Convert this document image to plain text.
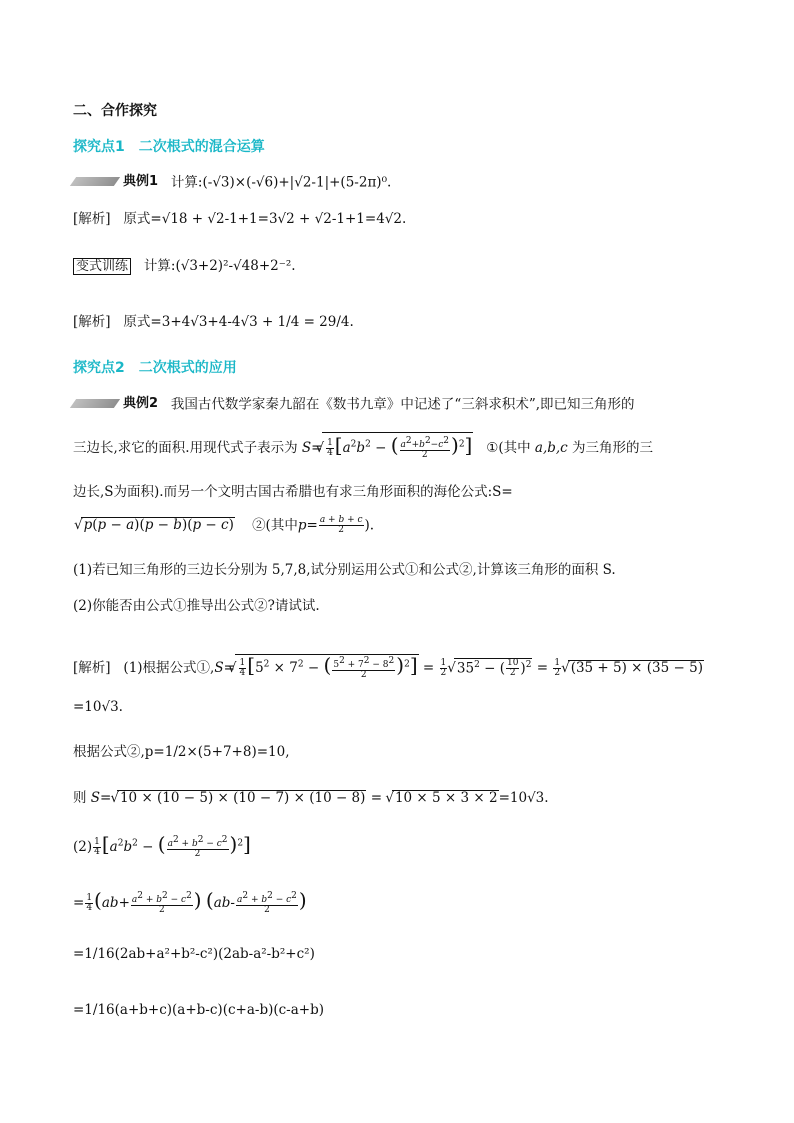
二、合作探究
探究点1 二次根式的混合运算
典例1 计算:(-√3)×(-√6)+|√2-1|+(5-2π)⁰.
[解析] 原式=√18 + √2-1+1=3√2 + √2-1+1=4√2.
变式训练 计算:(√3+2)²-√48+2⁻².
[解析] 原式=3+4√3+4-4√3 + 1/4 = 29/4.
探究点2 二次根式的应用
典例2 我国古代数学家秦九韶在《数书九章》中记述了“三斜求积术”,即已知三角形的
三边长,求它的面积.用现代式子表示为 S= √ $\frac{1}{4} [a^2b^2$ − ( $\frac{a^2+b^2-c^2}{2} )^2$] ①(其中 a,b,c 为三角形的三
边长,S为面积).而另一个文明古国古希腊也有求三角形面积的海伦公式:S=
√ p(p − a)(p − b)(p − c) ②(其中$p= \frac{a + b + c}{2}$ ).
(1)若已知三角形的三边长分别为 5,7,8,试分别运用公式①和公式②,计算该三角形的面积 S.
(2)你能否由公式①推导出公式②?请试试.
[解析] (1)根据公式①,S= √ $\frac{1}{4} [5^2 \times 7^2$ − ( $\frac{5^2 + 7^2 - 8^2}{2} )^2] = \frac{1}{2}$ √ $35^2$ − ( $\frac{10}{2} )^2 = \frac{1}{2}$ √ (35 + 5) × (35 − 5)
=10√3.
根据公式②,p=1/2×(5+7+8)=10,
则 S= √ 10 × (10 − 5) × (10 − 7) × (10 − 8) = √ 10 × 5 × 3 × 2=10√3.
$(2) \frac{1}{4} [a^2b^2$ − ( $\frac{a^2 + b^2 - c^2}{2} )^2$]
= $\frac{1}{4} (ab+ \frac{a^2 + b^2 - c^2}{2}$ ) ($ab- \frac{a^2 + b^2 - c^2}{2}$ )
=1/16(2ab+a²+b²-c²)(2ab-a²-b²+c²)
=1/16(a+b+c)(a+b-c)(c+a-b)(c-a+b)
